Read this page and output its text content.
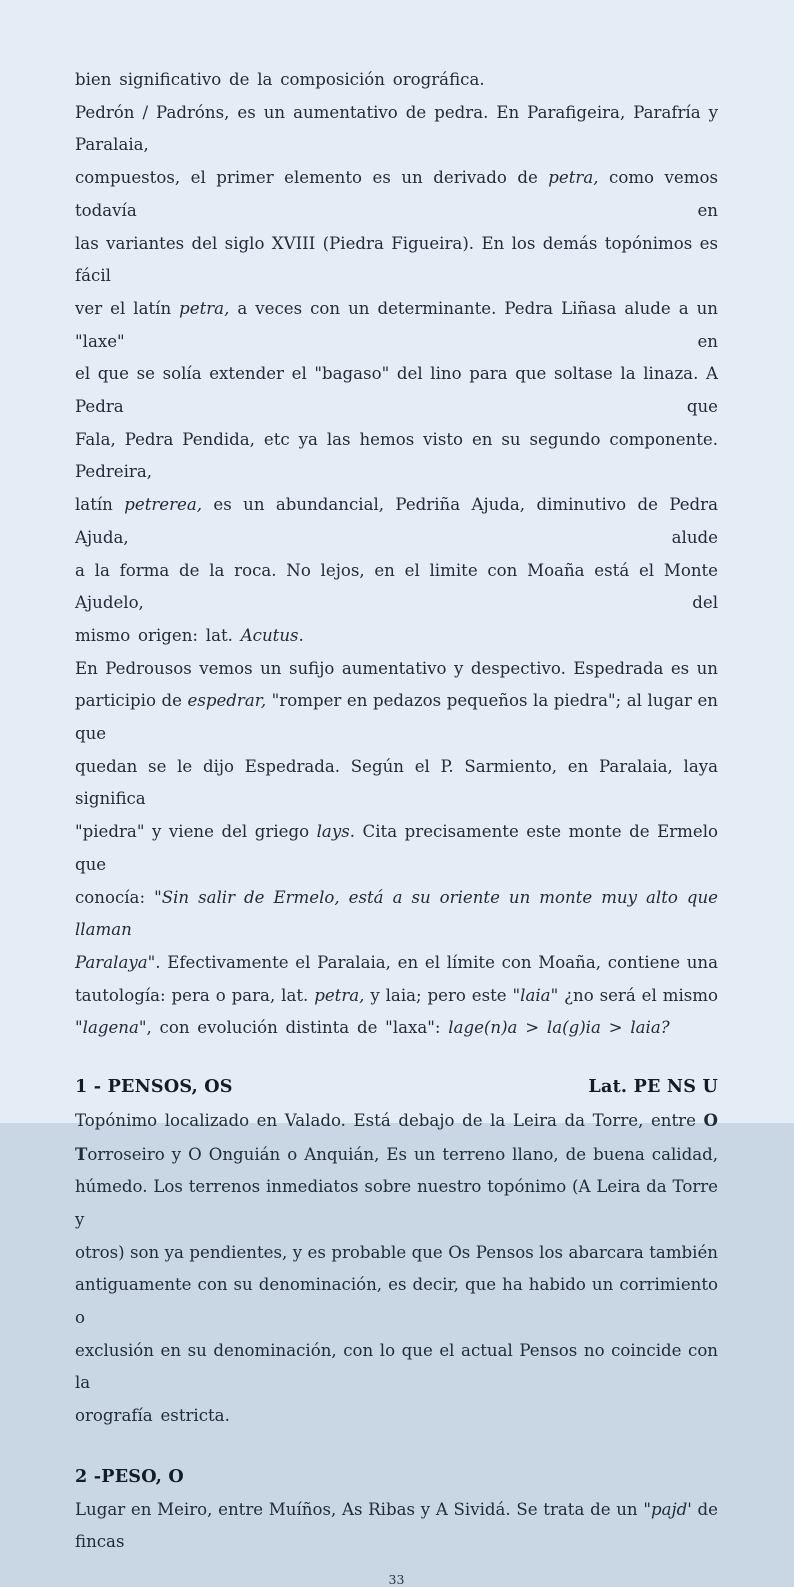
bien significativo de la composición orográfica.
Pedrón / Padróns, es un aumentativo de pedra. En Parafigeira, Parafría y Paralaia,
compuestos, el primer elemento es un derivado de petra, como vemos todavía en
las variantes del siglo XVIII (Piedra Figueira). En los demás topónimos es fácil
ver el latín petra, a veces con un determinante. Pedra Liñasa alude a un "laxe" en
el que se solía extender el "bagaso" del lino para que soltase la linaza. A Pedra que
Fala, Pedra Pendida, etc ya las hemos visto en su segundo componente. Pedreira,
latín petrerea, es un abundancial, Pedriña Ajuda, diminutivo de Pedra Ajuda, alude
a la forma de la roca. No lejos, en el limite con Moaña está el Monte Ajudelo, del
mismo origen: lat. Acutus.
En Pedrousos vemos un sufijo aumentativo y despectivo. Espedrada es un
participio de espedrar, "romper en pedazos pequeños la piedra"; al lugar en que
quedan se le dijo Espedrada. Según el P. Sarmiento, en Paralaia, laya significa
"piedra" y viene del griego lays. Cita precisamente este monte de Ermelo que
conocía: "Sin salir de Ermelo, está a su oriente un monte muy alto que llaman
Paralaya". Efectivamente el Paralaia, en el límite con Moaña, contiene una
tautología: pera o para, lat. petra, y laia; pero este "laia" ¿no será el mismo
"lagena", con evolución distinta de "laxa": lage(n)a > la(g)ia > laia?
1 - PENSOS, OS	Lat. PE NS U
Topónimo localizado en Valado. Está debajo de la Leira da Torre, entre O
Torroseiro y O Onguián o Anquián, Es un terreno llano, de buena calidad,
húmedo. Los terrenos inmediatos sobre nuestro topónimo (A Leira da Torre y
otros) son ya pendientes, y es probable que Os Pensos los abarcara también
antiguamente con su denominación, es decir, que ha habido un corrimiento o
exclusión en su denominación, con lo que el actual Pensos no coincide con la
orografía estricta.
2 -PESO, O
Lugar en Meiro, entre Muíños, As Ribas y A Sividá. Se trata de un "pajd' de fincas
33
